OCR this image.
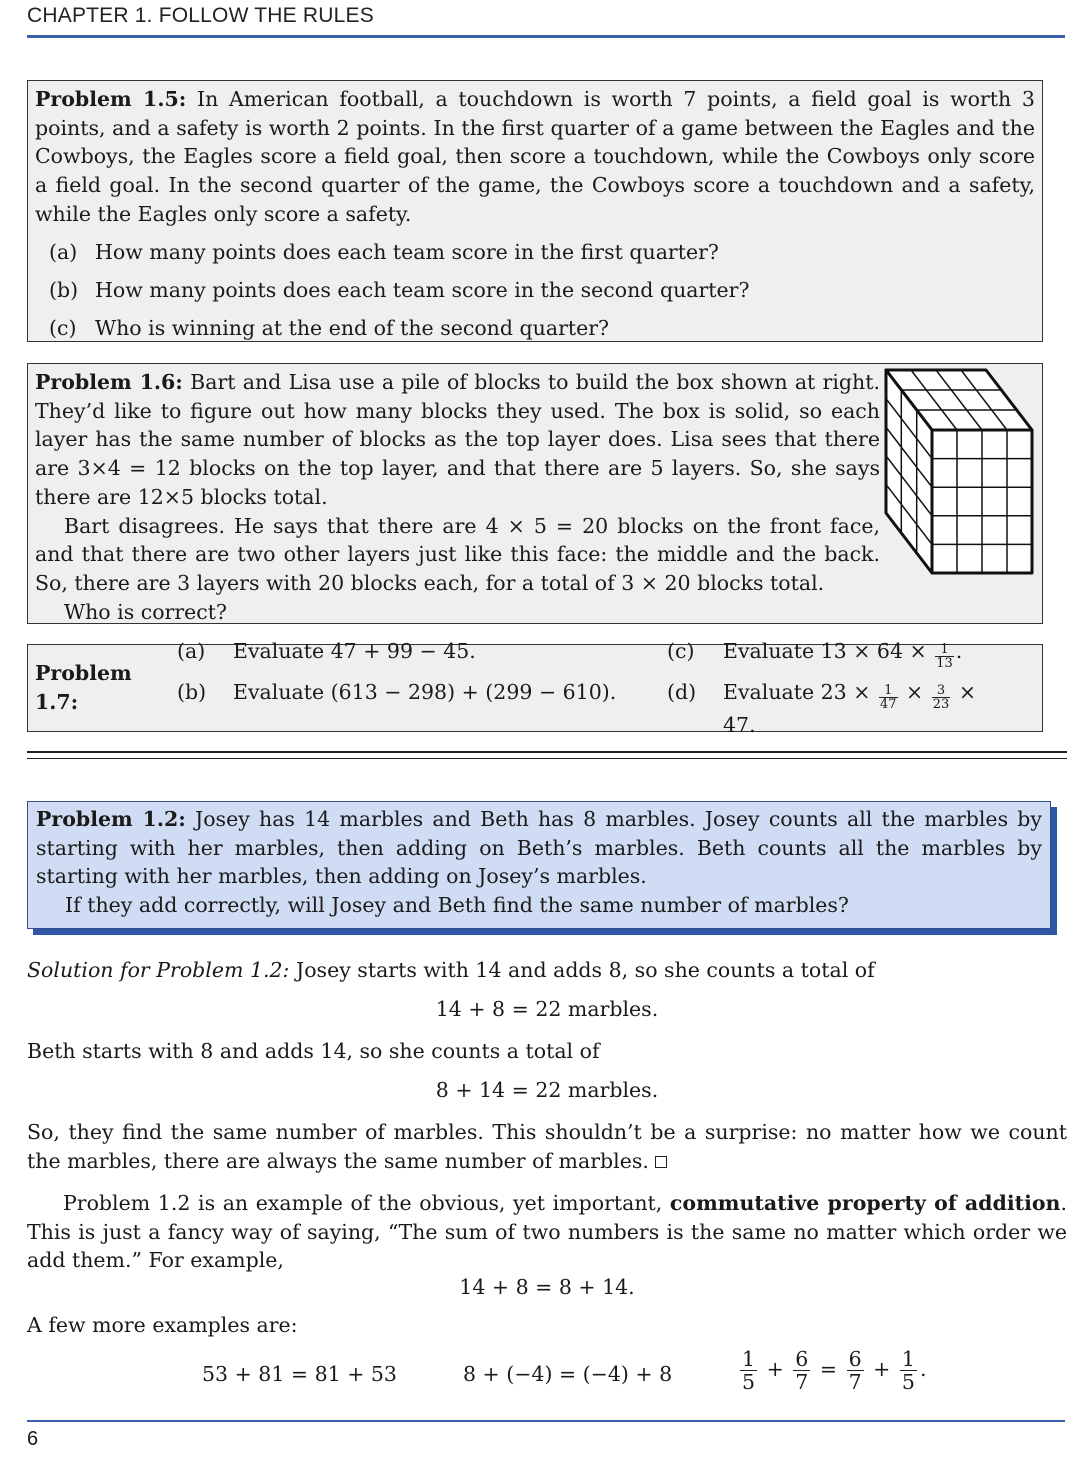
CHAPTER 1. FOLLOW THE RULES

Problem 1.5: In American football, a touchdown is worth 7 points, a field goal is worth 3 points, and a safety is worth 2 points. In the first quarter of a game between the Eagles and the Cowboys, the Eagles score a field goal, then score a touchdown, while the Cowboys only score a field goal. In the second quarter of the game, the Cowboys score a touchdown and a safety, while the Eagles only score a safety.

(a) How many points does each team score in the first quarter?
(b) How many points does each team score in the second quarter?
(c) Who is winning at the end of the second quarter?

Problem 1.6: Bart and Lisa use a pile of blocks to build the box shown at right. They’d like to figure out how many blocks they used. The box is solid, so each layer has the same number of blocks as the top layer does. Lisa sees that there are 3×4 = 12 blocks on the top layer, and that there are 5 layers. So, she says there are 12×5 blocks total.

Bart disagrees. He says that there are 4 × 5 = 20 blocks on the front face, and that there are two other layers just like this face: the middle and the back. So, there are 3 layers with 20 blocks each, for a total of 3 × 20 blocks total.

Who is correct?

Problem 1.7:
(a)	Evaluate 47 + 99 − 45.	(c)	Evaluate $13 \times 64 \times \frac{1}{13}$ .
(b)	Evaluate (613 − 298) + (299 − 610). (d)	Evaluate $23 \times \frac{1}{47} \times \frac{3}{23} \times 47$.

Problem 1.2: Josey has 14 marbles and Beth has 8 marbles. Josey counts all the marbles by starting with her marbles, then adding on Beth’s marbles. Beth counts all the marbles by starting with her marbles, then adding on Josey’s marbles.

If they add correctly, will Josey and Beth find the same number of marbles?

Solution for Problem 1.2: Josey starts with 14 and adds 8, so she counts a total of
14 + 8 = 22 marbles.
Beth starts with 8 and adds 14, so she counts a total of
8 + 14 = 22 marbles.
So, they find the same number of marbles. This shouldn’t be a surprise: no matter how we count the marbles, there are always the same number of marbles.
Problem 1.2 is an example of the obvious, yet important, commutative property of addition. This is just a fancy way of saying, “The sum of two numbers is the same no matter which order we add them.” For example,
14 + 8 = 8 + 14.
A few more examples are:
53 + 81 = 81 + 53	8 + (−4) = (−4) + 8	$\frac{1}{5} + \frac{6}{7} = \frac{6}{7} + \frac{1}{5}$ .
6
